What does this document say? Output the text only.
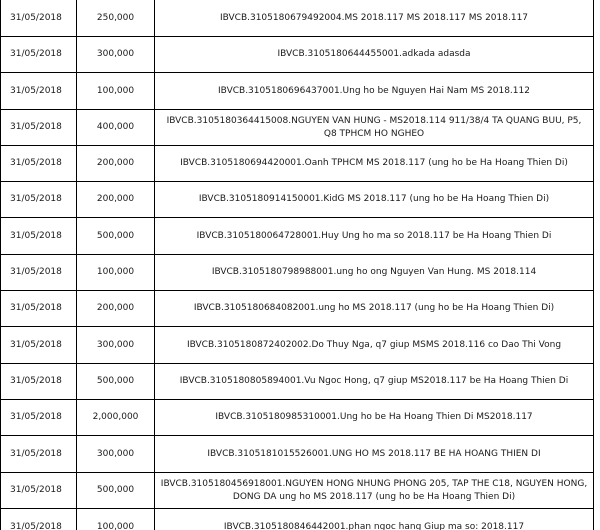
31/05/2018	250,000	IBVCB.3105180679492004.MS 2018.117 MS 2018.117 MS 2018.117
31/05/2018	300,000	IBVCB.3105180644455001.adkada adasda
31/05/2018	100,000	IBVCB.3105180696437001.Ung ho be Nguyen Hai Nam MS 2018.112
31/05/2018	400,000	IBVCB.3105180364415008.NGUYEN VAN HUNG - MS2018.114 911/38/4 TA QUANG BUU, P5, Q8 TPHCM HO NGHEO
31/05/2018	200,000	IBVCB.3105180694420001.Oanh TPHCM MS 2018.117 (ung ho be Ha Hoang Thien Di)
31/05/2018	200,000	IBVCB.3105180914150001.KidG MS 2018.117 (ung ho be Ha Hoang Thien Di)
31/05/2018	500,000	IBVCB.3105180064728001.Huy Ung ho ma so 2018.117 be Ha Hoang Thien Di
31/05/2018	100,000	IBVCB.3105180798988001.ung ho ong Nguyen Van Hung. MS 2018.114
31/05/2018	200,000	IBVCB.3105180684082001.ung ho MS 2018.117 (ung ho be Ha Hoang Thien Di)
31/05/2018	300,000	IBVCB.3105180872402002.Do Thuy Nga, q7 giup MSMS 2018.116 co Dao Thi Vong
31/05/2018	500,000	IBVCB.3105180805894001.Vu Ngoc Hong, q7 giup MS2018.117 be Ha Hoang Thien Di
31/05/2018	2,000,000	IBVCB.3105180985310001.Ung ho be Ha Hoang Thien Di MS2018.117
31/05/2018	300,000	IBVCB.3105181015526001.UNG HO MS 2018.117 BE HA HOANG THIEN DI
31/05/2018	500,000	IBVCB.3105180456918001.NGUYEN HONG NHUNG PHONG 205, TAP THE C18, NGUYEN HONG, DONG DA ung ho MS 2018.117 (ung ho be Ha Hoang Thien Di)
31/05/2018	100,000	IBVCB.3105180846442001.phan ngoc hang Giup ma so: 2018.117
